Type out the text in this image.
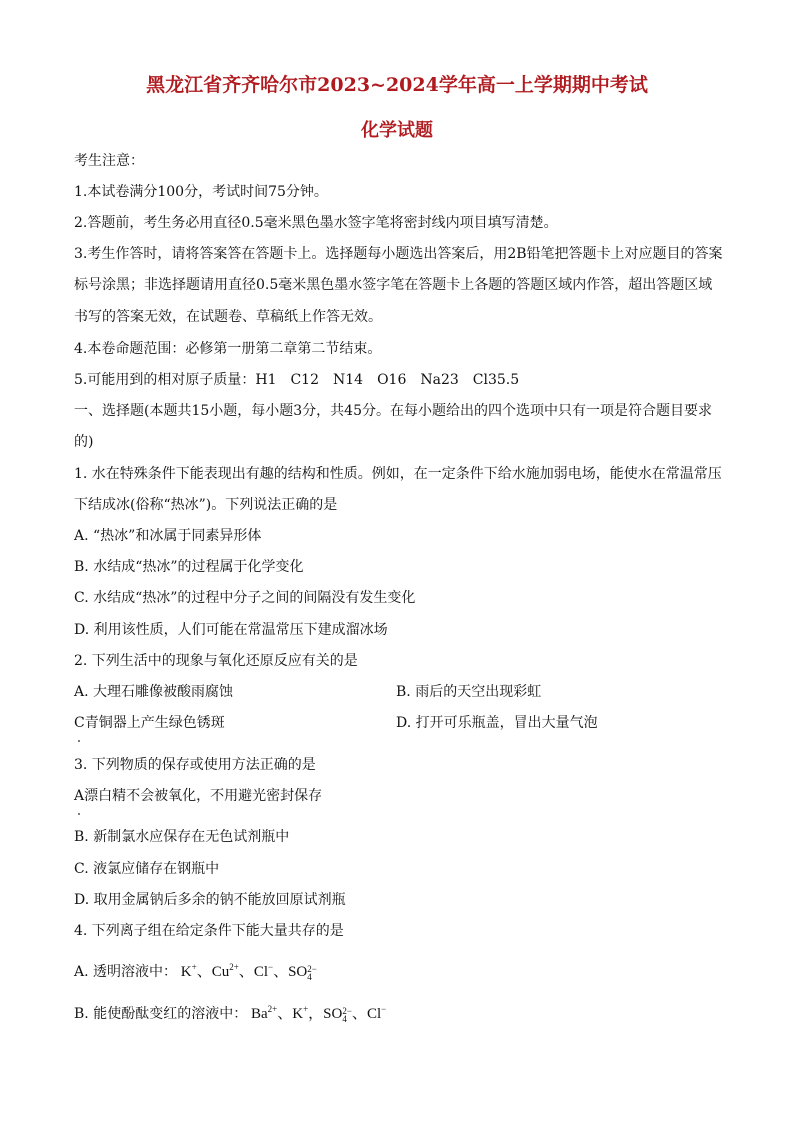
黑龙江省齐齐哈尔市2023~2024学年高一上学期期中考试
化学试题
考生注意：
1.本试卷满分100分，考试时间75分钟。
2.答题前，考生务必用直径0.5毫米黑色墨水签字笔将密封线内项目填写清楚。
3.考生作答时，请将答案答在答题卡上。选择题每小题选出答案后，用2B铅笔把答题卡上对应题目的答案
标号涂黑；非选择题请用直径0.5毫米黑色墨水签字笔在答题卡上各题的答题区域内作答，超出答题区域
书写的答案无效，在试题卷、草稿纸上作答无效。
4.本卷命题范围：必修第一册第二章第二节结束。
5.可能用到的相对原子质量：H1　C12　N14　O16　Na23　Cl35.5
一、选择题(本题共15小题，每小题3分，共45分。在每小题给出的四个选项中只有一项是符合题目要求
的)
1. 水在特殊条件下能表现出有趣的结构和性质。例如，在一定条件下给水施加弱电场，能使水在常温常压
下结成冰(俗称“热冰”)。下列说法正确的是
A. “热冰”和冰属于同素异形体
B. 水结成“热冰”的过程属于化学变化
C. 水结成“热冰”的过程中分子之间的间隔没有发生变化
D. 利用该性质，人们可能在常温常压下建成溜冰场
2. 下列生活中的现象与氧化还原反应有关的是
A. 大理石雕像被酸雨腐蚀	B. 雨后的天空出现彩虹
C青铜器上产生绿色锈斑	D. 打开可乐瓶盖，冒出大量气泡
3. 下列物质的保存或使用方法正确的是
A漂白精不会被氧化，不用避光密封保存
B. 新制氯水应保存在无色试剂瓶中
C. 液氯应储存在钢瓶中
D. 取用金属钠后多余的钠不能放回原试剂瓶
4. 下列离子组在给定条件下能大量共存的是
A. 透明溶液中： K+、$Cu^{2+}$、Cl−、SO 2−
4
B. 能使酚酞变红的溶液中： $Ba^{2+}$、K+，SO 2−
4 、Cl−
